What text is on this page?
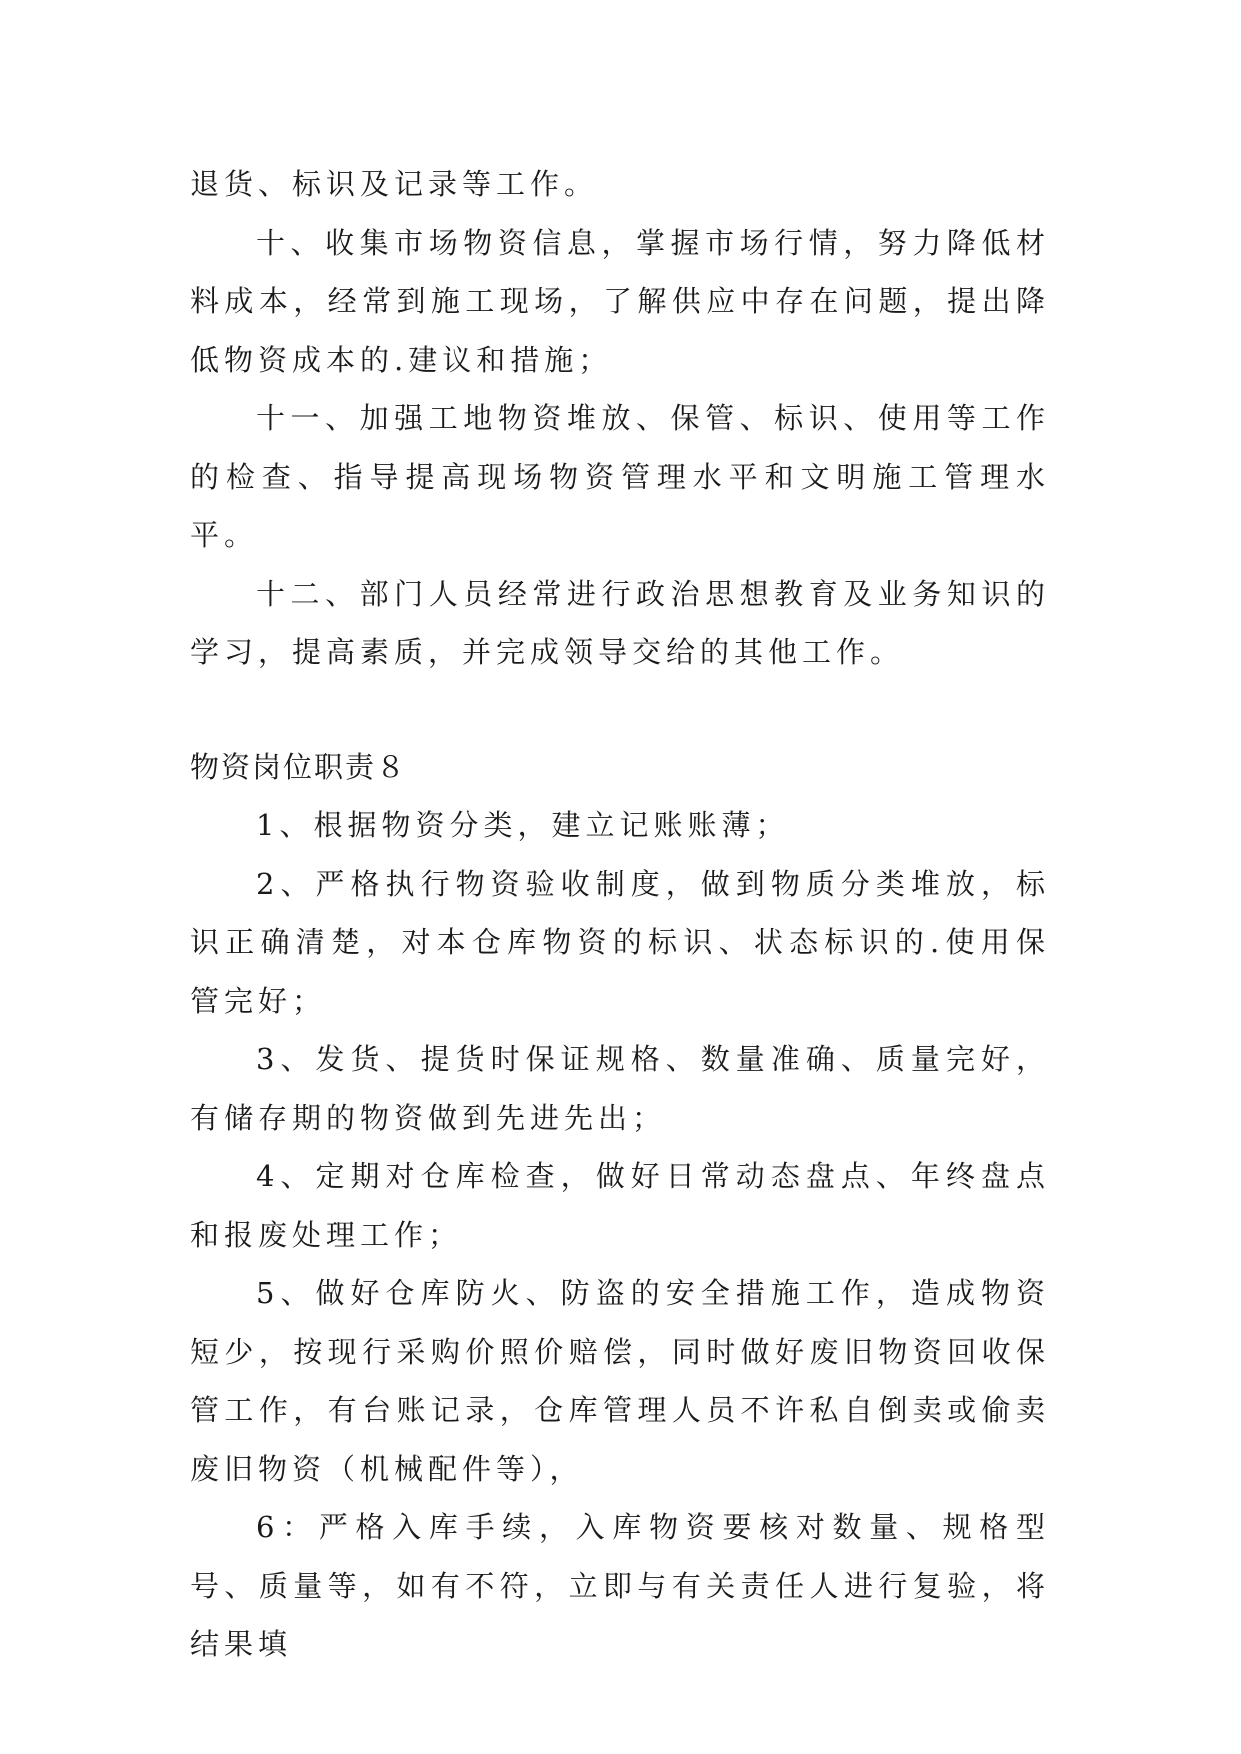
退货、标识及记录等工作。

十、收集市场物资信息，掌握市场行情，努力降低材料成本，经常到施工现场，了解供应中存在问题，提出降低物资成本的.建议和措施；

十一、加强工地物资堆放、保管、标识、使用等工作的检查、指导提高现场物资管理水平和文明施工管理水平。

十二、部门人员经常进行政治思想教育及业务知识的学习，提高素质，并完成领导交给的其他工作。

物资岗位职责８

1、根据物资分类，建立记账账薄；

2、严格执行物资验收制度，做到物质分类堆放，标识正确清楚，对本仓库物资的标识、状态标识的.使用保管完好；

3、发货、提货时保证规格、数量准确、质量完好，有储存期的物资做到先进先出；

4、定期对仓库检查，做好日常动态盘点、年终盘点和报废处理工作；

5、做好仓库防火、防盗的安全措施工作，造成物资短少，按现行采购价照价赔偿，同时做好废旧物资回收保管工作，有台账记录，仓库管理人员不许私自倒卖或偷卖废旧物资（机械配件等），

6：严格入库手续，入库物资要核对数量、规格型号、质量等，如有不符，立即与有关责任人进行复验，将结果填
